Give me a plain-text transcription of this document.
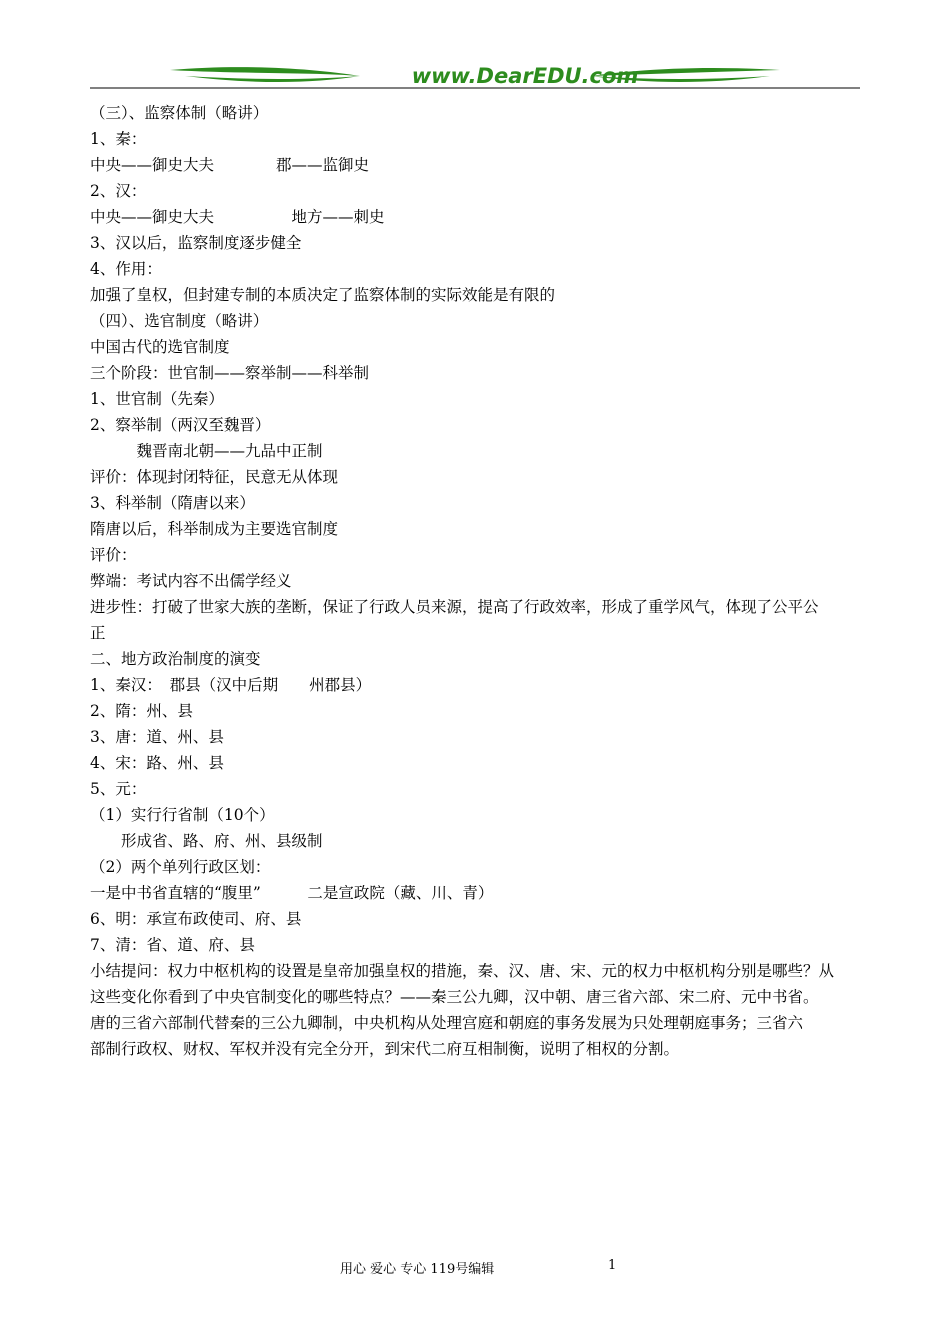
www.DearEDU.com
（三）、监察体制（略讲）
1、秦：
中央——御史大夫　　　　郡——监御史
2、汉：
中央——御史大夫　　　　　地方——刺史
3、汉以后，监察制度逐步健全
4、作用：
加强了皇权，但封建专制的本质决定了监察体制的实际效能是有限的
（四）、选官制度（略讲）
中国古代的选官制度
三个阶段：世官制——察举制——科举制
1、世官制（先秦）
2、察举制（两汉至魏晋）
　　　魏晋南北朝——九品中正制
评价：体现封闭特征，民意无从体现
3、科举制（隋唐以来）
隋唐以后，科举制成为主要选官制度
评价：
弊端：考试内容不出儒学经义
进步性：打破了世家大族的垄断，保证了行政人员来源，提高了行政效率，形成了重学风气，体现了公平公
正
二、地方政治制度的演变
1、秦汉：　郡县（汉中后期　　州郡县）
2、隋：州、县
3、唐：道、州、县
4、宋：路、州、县
5、元：
（1）实行行省制（10个）
　　形成省、路、府、州、县级制
（2）两个单列行政区划：
一是中书省直辖的“腹里”　　　二是宣政院（藏、川、青）
6、明：承宣布政使司、府、县
7、清：省、道、府、县
小结提问：权力中枢机构的设置是皇帝加强皇权的措施，秦、汉、唐、宋、元的权力中枢机构分别是哪些？从
这些变化你看到了中央官制变化的哪些特点？——秦三公九卿，汉中朝、唐三省六部、宋二府、元中书省。
唐的三省六部制代替秦的三公九卿制，中央机构从处理宫庭和朝庭的事务发展为只处理朝庭事务；三省六
部制行政权、财权、军权并没有完全分开，到宋代二府互相制衡，说明了相权的分割。
用心 爱心 专心 119号编辑	1
